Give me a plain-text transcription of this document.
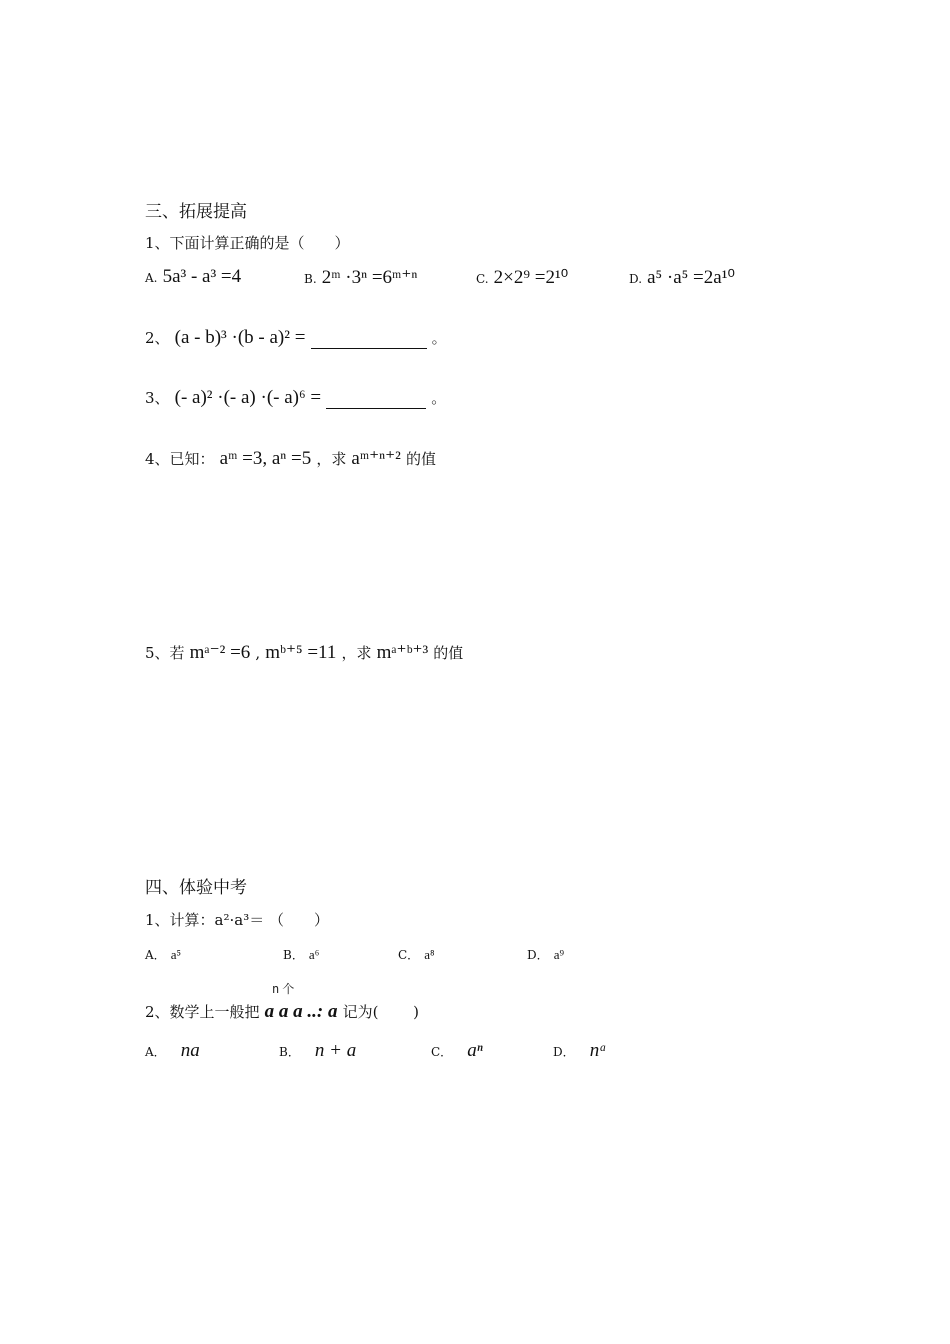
三、拓展提高
1、下面计算正确的是（　　）
A. 5a³ - a³ =4	B. 2ᵐ ·3ⁿ =6ᵐ⁺ⁿ	C. 2×2⁹ =2¹⁰	D. a⁵ ·a⁵ =2a¹⁰
2、 (a - b)³ ·(b - a)² =	。
3、 (- a)² ·(- a) ·(- a)⁶ =	。
4、已知： aᵐ =3, aⁿ =5 ，求 aᵐ⁺ⁿ⁺² 的值
5、若 mᵃ⁻² =6 , mᵇ⁺⁵ =11 ，求 mᵃ⁺ᵇ⁺³ 的值
四、体验中考
1、计算：a²·a³＝ （　　）
A． a⁵	B． a⁶	C． a⁸	D． a⁹
n个
2、数学上一般把 a a a ..: a 记为(　　 )
A． na	B． n + a	C． aⁿ	D． nᵃ
